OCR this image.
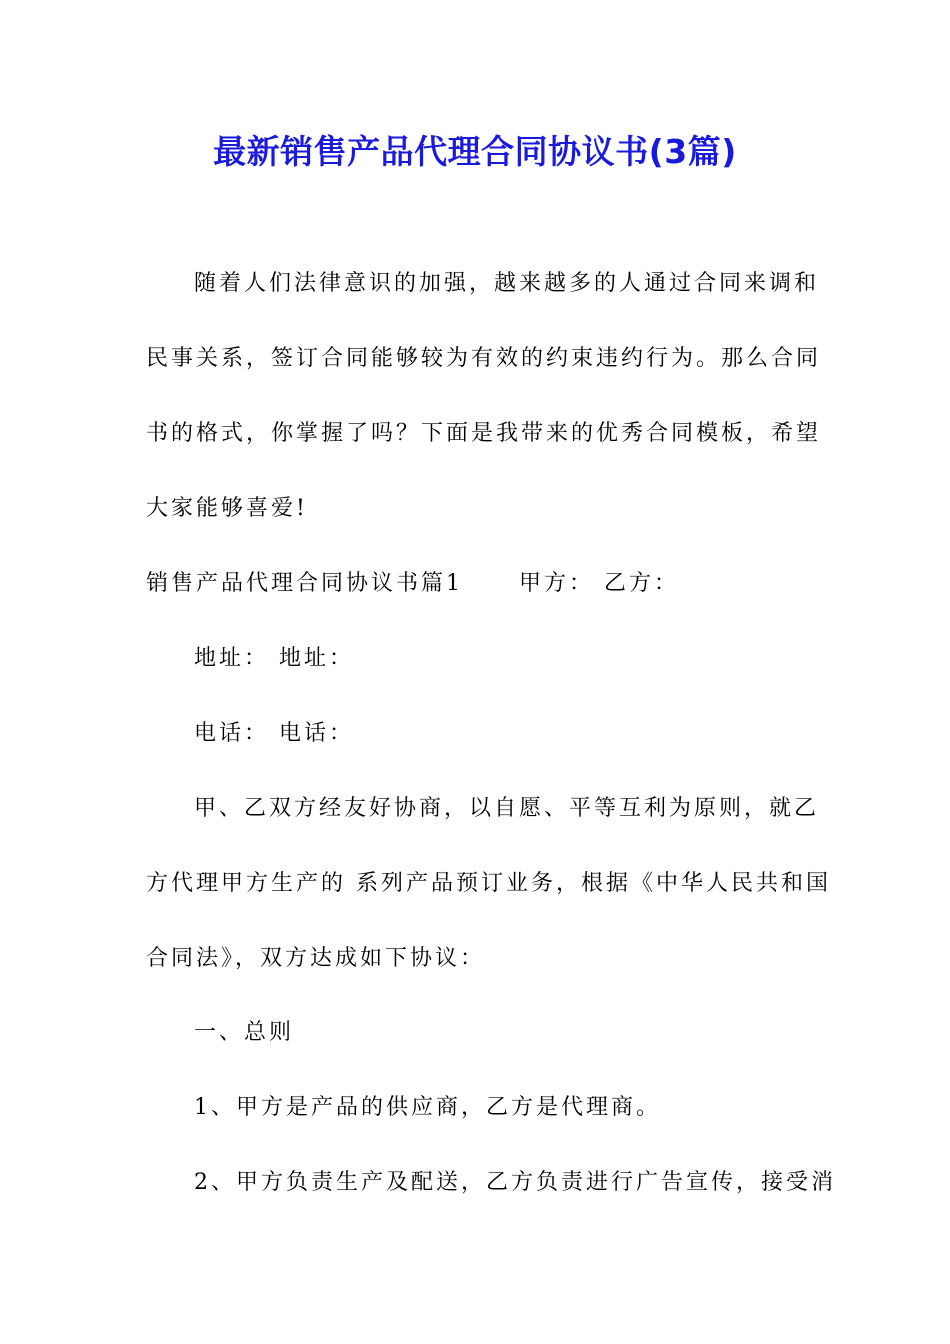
最新销售产品代理合同协议书(3篇)

随着人们法律意识的加强，越来越多的人通过合同来调和

民事关系，签订合同能够较为有效的约束违约行为。那么合同

书的格式，你掌握了吗？下面是我带来的优秀合同模板，希望

大家能够喜爱!

销售产品代理合同协议书篇1	甲方： 乙方：

地址： 地址：

电话： 电话：

甲、乙双方经友好协商，以自愿、平等互利为原则，就乙

方代理甲方生产的 系列产品预订业务，根据《中华人民共和国

合同法》，双方达成如下协议：

一、总则

1、甲方是产品的供应商，乙方是代理商。

2、甲方负责生产及配送，乙方负责进行广告宣传，接受消
